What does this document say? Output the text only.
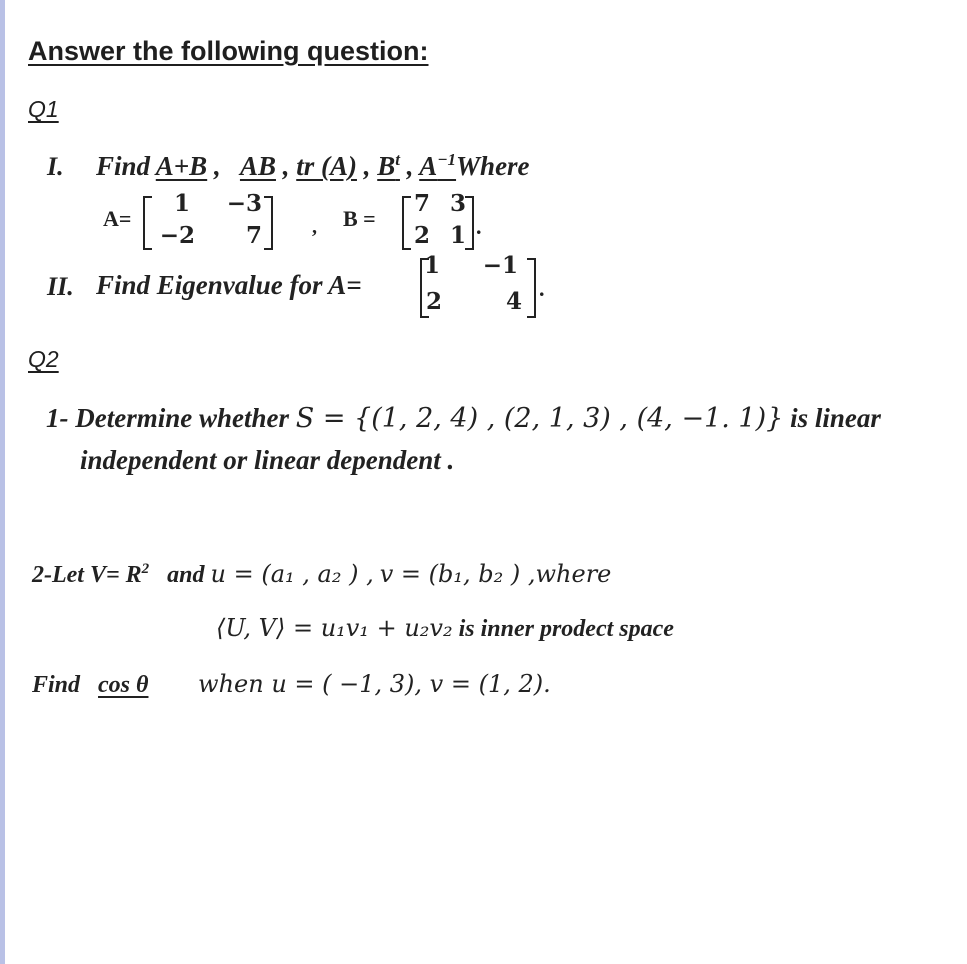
Answer the following question:
Q1
I. Find A+B ,   AB , tr (A) , $B^t$ , $A^{-1}Where$
A=
1 −3
−2	7	, B =
7 3
2 1 .
II. Find Eigenvalue for A=
1 −1
2	4 .
Q2
1- Determine whether S = {(1, 2, 4) , (2, 1, 3) , (4, −1. 1)} is linear
independent or linear dependent .
2-Let $V= R^2$ and u = (a₁ , a₂ ) , v = (b₁, b₂ ) ,where
⟨U, V⟩ = u₁v₁ + u₂v₂ is inner prodect space
Find cos θ when u = ( −1, 3), v = (1, 2).
